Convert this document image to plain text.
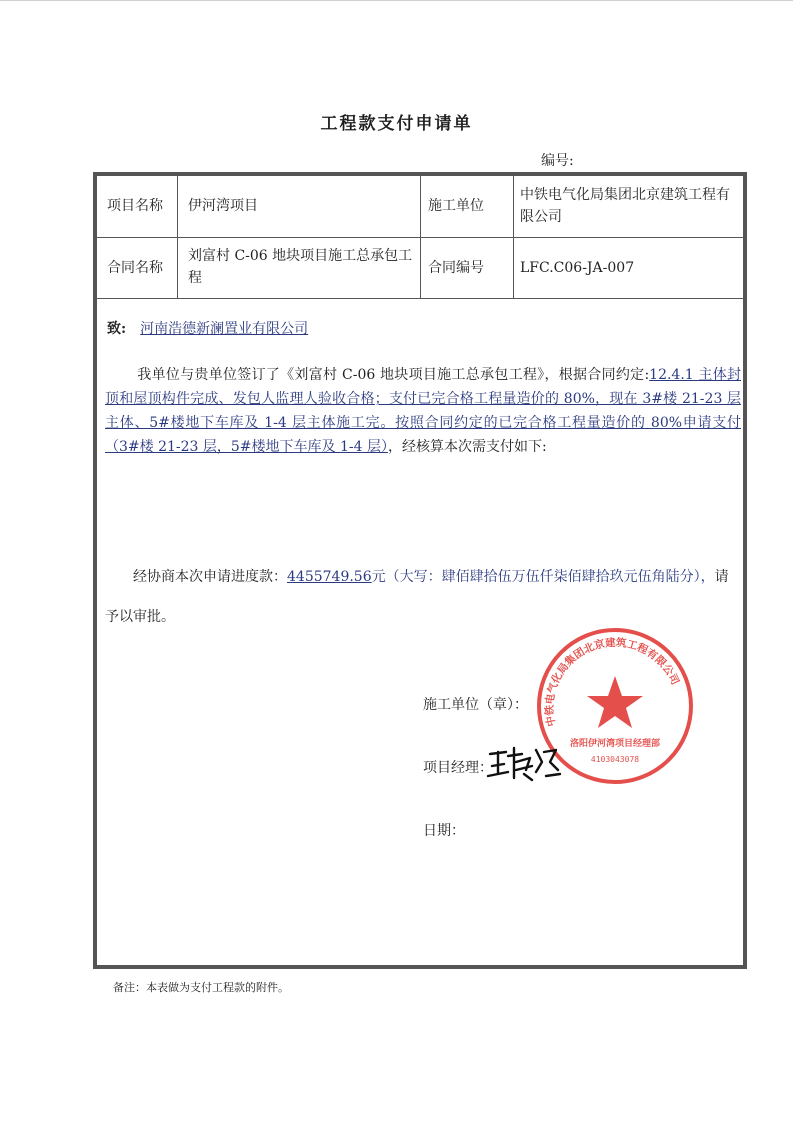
工程款支付申请单
编号:
项目名称 伊河湾项目	施工单位
中铁电气化局集团北京建筑工程有限公司
合同名称
刘富村 C-06 地块项目施工总承包工程
合同编号	LFC.C06-JA-007
致: 河南浩德新澜置业有限公司
我单位与贵单位签订了《刘富村 C-06 地块项目施工总承包工程》，根据合同约定:12.4.1 主体封顶和屋顶构件完成、发包人监理人验收合格；支付已完合格工程量造价的 80%，现在 3#楼 21-23 层主体、5#楼地下车库及 1-4 层主体施工完。按照合同约定的已完合格工程量造价的 80%申请支付（3#楼 21-23 层，5#楼地下车库及 1-4 层），经核算本次需支付如下:
经协商本次申请进度款：4455749.56元（大写：肆佰肆拾伍万伍仟柒佰肆拾玖元伍角陆分），请予以审批。
施工单位（章）：
项目经理：
日期：
中铁电气化局集团北京建筑工程有限公司
洛阳伊河湾项目经理部
4103043078
备注：本表做为支付工程款的附件。
